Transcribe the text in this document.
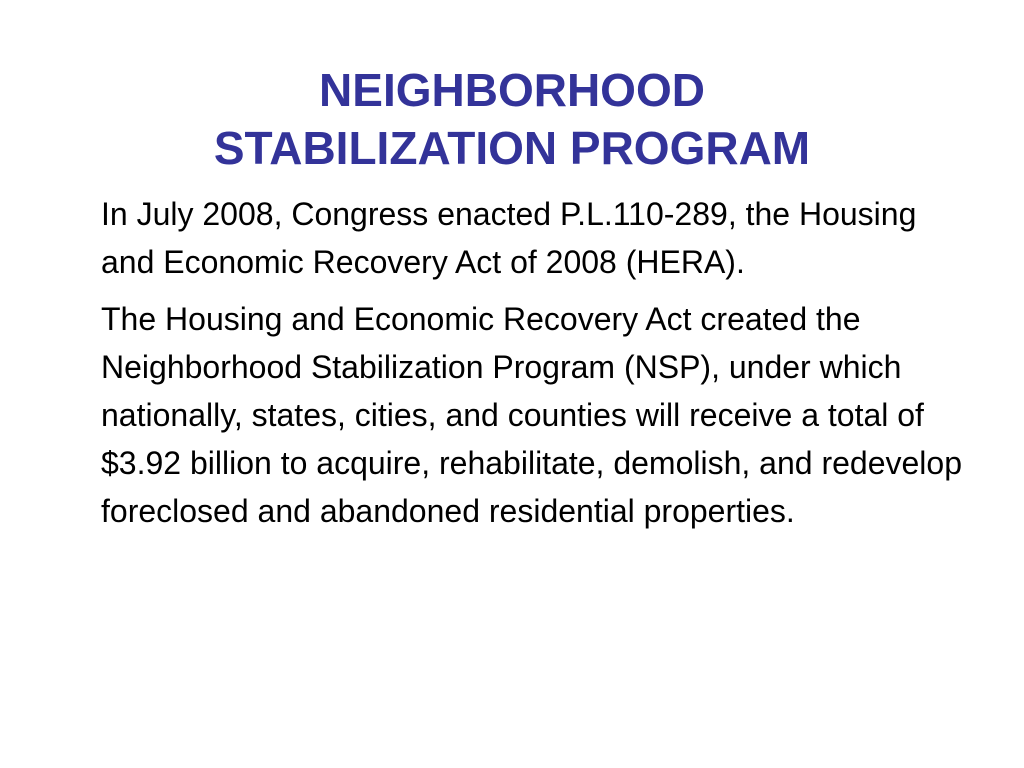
NEIGHBORHOOD
STABILIZATION PROGRAM

In July 2008, Congress enacted P.L.110-289, the Housing and Economic Recovery Act of 2008 (HERA).

The Housing and Economic Recovery Act created the Neighborhood Stabilization Program (NSP), under which nationally, states, cities, and counties will receive a total of $3.92 billion to acquire, rehabilitate, demolish, and redevelop foreclosed and abandoned residential properties.
